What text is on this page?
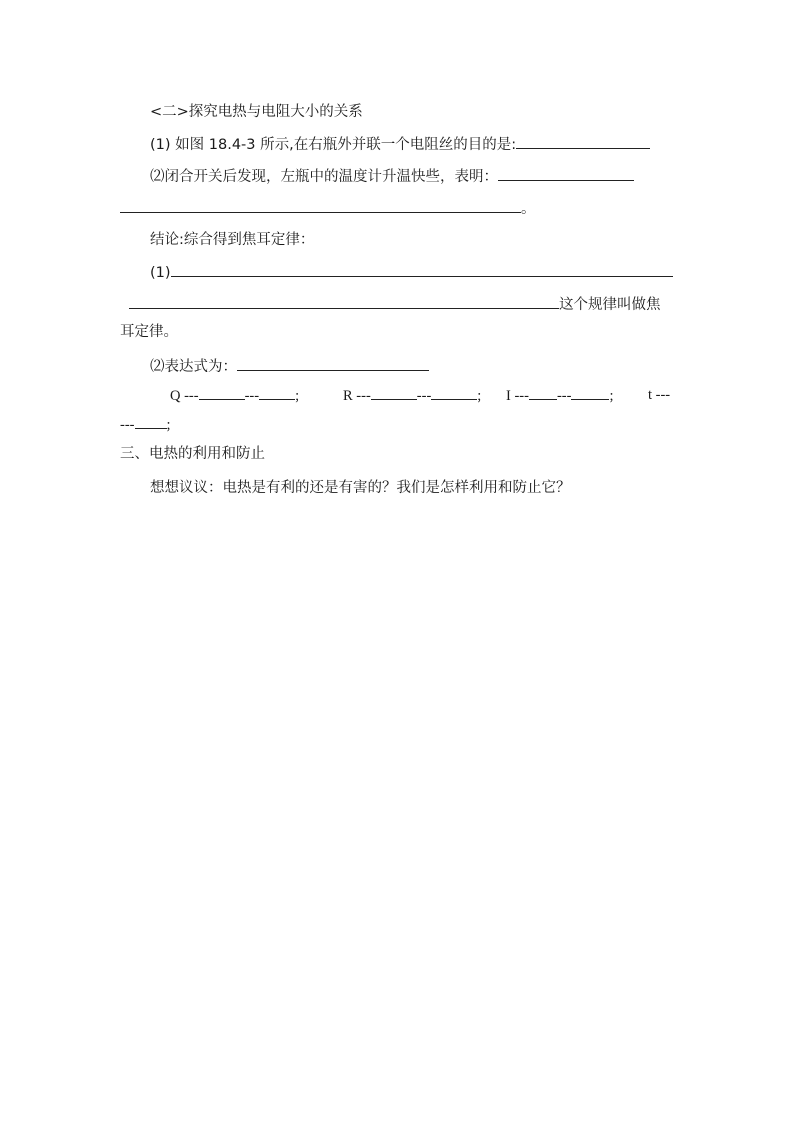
<二>探究电热与电阻大小的关系
(1) 如图 18.4-3 所示,在右瓶外并联一个电阻丝的目的是:
⑵闭合开关后发现，左瓶中的温度计升温快些，表明：
。
结论:综合得到焦耳定律：
(1)
这个规律叫做焦
耳定律。
⑵表达式为：
Q ---	--- ;	R ---	---	; I --- ---	; t ---
--- ;
三、电热的利用和防止
想想议议：电热是有利的还是有害的？我们是怎样利用和防止它？
